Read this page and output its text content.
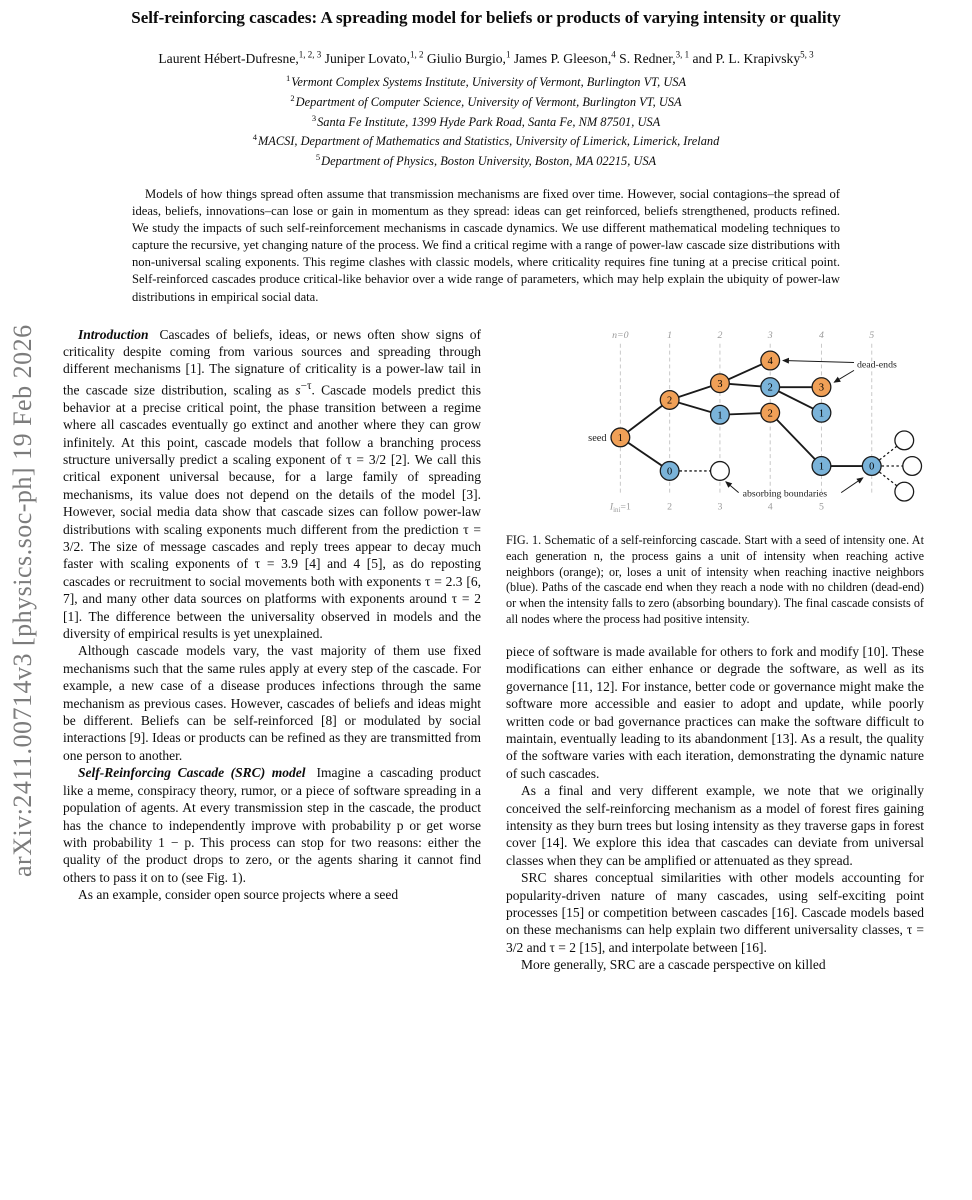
arXiv:2411.00714v3 [physics.soc-ph] 19 Feb 2026
Self-reinforcing cascades: A spreading model for beliefs or products of varying intensity or quality
Laurent Hébert-Dufresne,$^{1, 2, 3}$ Juniper Lovato,$^{1, 2}$ Giulio Burgio,$^1$ James P. Gleeson,$^4$ S. Redner,$^{3, 1}$ and P. L. Krapivsky$^{5, 3}$
$^1$Vermont Complex Systems Institute, University of Vermont, Burlington VT, USA
$^2$Department of Computer Science, University of Vermont, Burlington VT, USA
$^3$Santa Fe Institute, 1399 Hyde Park Road, Santa Fe, NM 87501, USA
$^4$MACSI, Department of Mathematics and Statistics, University of Limerick, Limerick, Ireland
$^5$Department of Physics, Boston University, Boston, MA 02215, USA
Models of how things spread often assume that transmission mechanisms are fixed over time. However, social contagions–the spread of ideas, beliefs, innovations–can lose or gain in momentum as they spread: ideas can get reinforced, beliefs strengthened, products refined. We study the impacts of such self-reinforcement mechanisms in cascade dynamics. We use different mathematical modeling techniques to capture the recursive, yet changing nature of the process. We find a critical regime with a range of power-law cascade size distributions with non-universal scaling exponents. This regime clashes with classic models, where criticality requires fine tuning at a precise critical point. Self-reinforced cascades produce critical-like behavior over a wide range of parameters, which may help explain the ubiquity of power-law distributions in empirical social data.

Introduction Cascades of beliefs, ideas, or news often show signs of criticality despite coming from various sources and spreading through different mechanisms [1]. The signature of criticality is a power-law tail in the cascade size distribution, scaling as $s^{-\tau}$. Cascade models predict this behavior at a precise critical point, the phase transition between a regime where all cascades eventually go extinct and another where they can grow infinitely. At this point, cascade models that follow a branching process structure universally predict a scaling exponent of τ = 3/2 [2]. We call this critical exponent universal because, for a large family of spreading mechanisms, its value does not depend on the details of the model [3]. However, social media data show that cascade sizes can follow power-law distributions with scaling exponents much different from the prediction τ = 3/2. The size of message cascades and reply trees appear to decay much faster with scaling exponents of τ = 3.9 [4] and 4 [5], as do reposting cascades or recruitment to social movements both with exponents τ = 2.3 [6, 7], and many other data sources on platforms with exponents around τ = 2 [1]. The difference between the universality observed in models and the diversity of empirical results is yet unexplained.

Although cascade models vary, the vast majority of them use fixed mechanisms such that the same rules apply at every step of the cascade. For example, a new case of a disease produces infections through the same mechanism as previous cases. However, cascades of beliefs and ideas might be different. Beliefs can be self-reinforced [8] or modulated by social interactions [9]. Ideas or products can be refined as they are transmitted from one person to another.

Self-Reinforcing Cascade (SRC) model Imagine a cascading product like a meme, conspiracy theory, rumor, or a piece of software spreading in a population of agents. At every transmission step in the cascade, the product has the chance to independently improve with probability p or get worse with probability 1 − p. This process can stop for two reasons: either the quality of the product drops to zero, or the agents sharing it cannot find others to pass it on to (see Fig. 1).

As an example, consider open source projects where a seed

n=0	1	2	3	4	5
1
2
0
3
1
4
2
2
3
1
1	0
seed
dead-ends
absorbing boundaries
$I_{ini}=1$	2	3	4	5

FIG. 1. Schematic of a self-reinforcing cascade. Start with a seed of intensity one. At each generation n, the process gains a unit of intensity when reaching active neighbors (orange); or, loses a unit of intensity when reaching inactive neighbors (blue). Paths of the cascade end when they reach a node with no children (dead-end) or when the intensity falls to zero (absorbing boundary). The final cascade consists of all nodes where the process had positive intensity.

piece of software is made available for others to fork and modify [10]. These modifications can either enhance or degrade the software, as well as its governance [11, 12]. For instance, better code or governance might make the software more accessible and easier to adopt and update, while poorly written code or bad governance practices can make the software difficult to maintain, eventually leading to its abandonment [13]. As a result, the quality of the software varies with each iteration, demonstrating the dynamic nature of such cascades.

As a final and very different example, we note that we originally conceived the self-reinforcing mechanism as a model of forest fires gaining intensity as they burn trees but losing intensity as they traverse gaps in forest cover [14]. We explore this idea that cascades can deviate from universal classes when they can be amplified or attenuated as they spread.

SRC shares conceptual similarities with other models accounting for popularity-driven nature of many cascades, using self-exciting point processes [15] or competition between cascades [16]. Cascade models based on these mechanisms can help explain two different universality classes, τ = 3/2 and τ = 2 [15], and interpolate between [16].

More generally, SRC are a cascade perspective on killed
